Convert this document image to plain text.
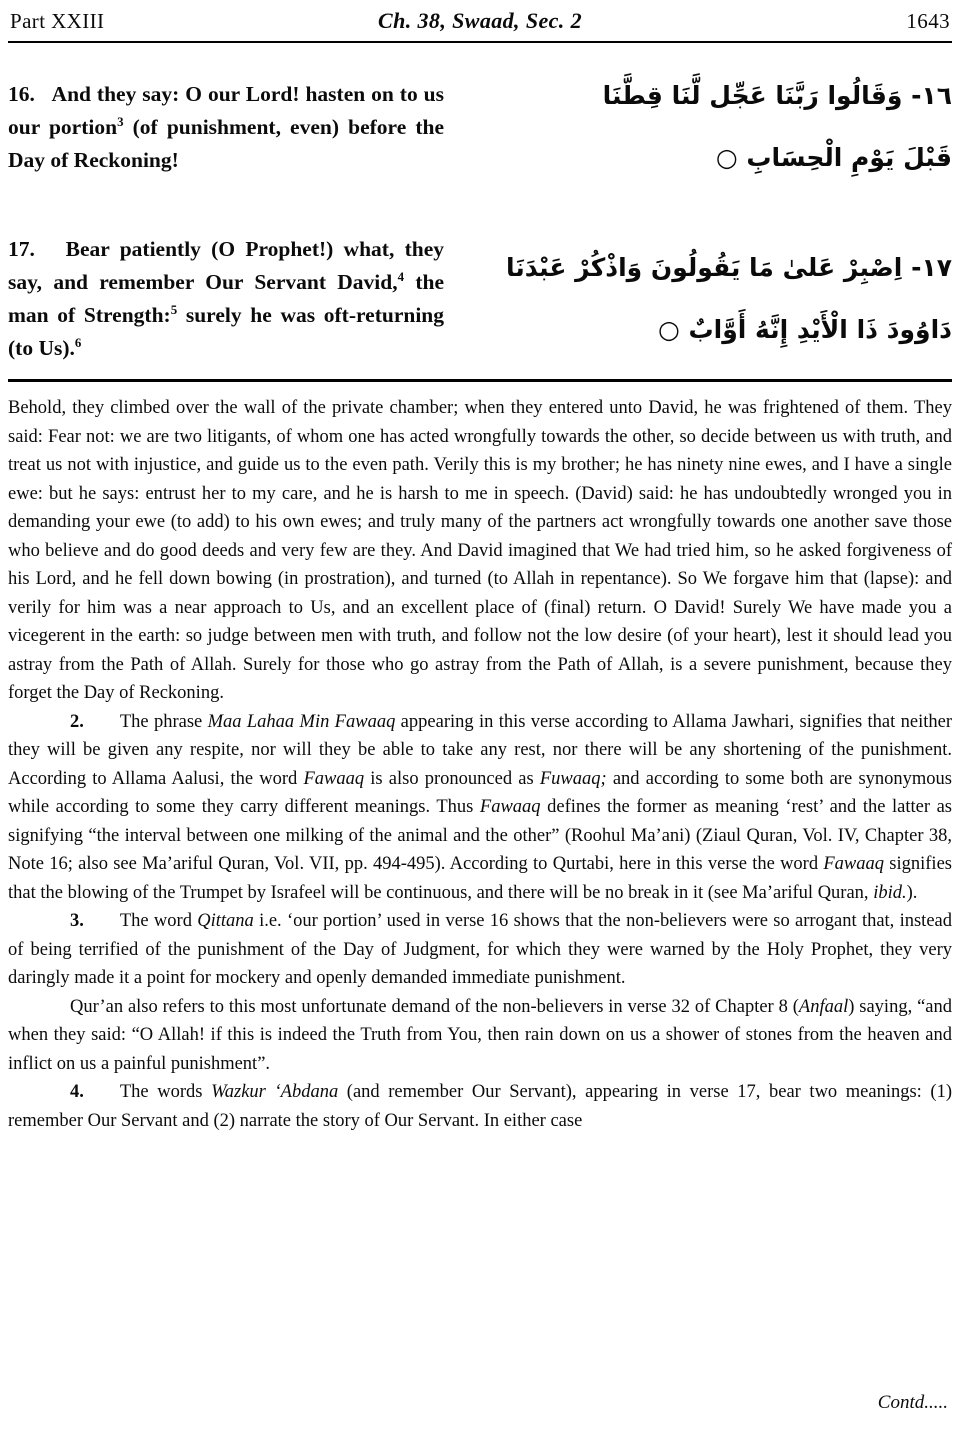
Part XXIII	Ch. 38, Swaad, Sec. 2	1643

16.   And they say: O our Lord! hasten on to us our portion$^3$ (of punishment, even) before the Day of Reckoning!

١٦- وَقَالُوا رَبَّنَا عَجِّل لَّنَا قِطَّنَا
قَبْلَ يَوْمِ الْحِسَابِ ○

17.   Bear patiently (O Prophet!) what, they say, and remember Our Servant David,$^4$ the man of Strength:$^5$ surely he was oft-returning (to Us).$^6$

١٧- اِصْبِرْ عَلىٰ مَا يَقُولُونَ وَاذْكُرْ عَبْدَنَا
دَاوُودَ ذَا الْأَيْدِ إِنَّهُ أَوَّابٌ ○

Behold, they climbed over the wall of the private chamber; when they entered unto David, he was frightened of them. They said: Fear not: we are two litigants, of whom one has acted wrongfully towards the other, so decide between us with truth, and treat us not with injustice, and guide us to the even path. Verily this is my brother; he has ninety nine ewes, and I have a single ewe: but he says: entrust her to my care, and he is harsh to me in speech. (David) said: he has undoubtedly wronged you in demanding your ewe (to add) to his own ewes; and truly many of the partners act wrongfully towards one another save those who believe and do good deeds and very few are they. And David imagined that We had tried him, so he asked forgiveness of his Lord, and he fell down bowing (in prostration), and turned (to Allah in repentance). So We forgave him that (lapse): and verily for him was a near approach to Us, and an excellent place of (final) return. O David! Surely We have made you a vicegerent in the earth: so judge between men with truth, and follow not the low desire (of your heart), lest it should lead you astray from the Path of Allah. Surely for those who go astray from the Path of Allah, is a severe punishment, because they forget the Day of Reckoning.

2. The phrase Maa Lahaa Min Fawaaq appearing in this verse according to Allama Jawhari, signifies that neither they will be given any respite, nor will they be able to take any rest, nor there will be any shortening of the punishment. According to Allama Aalusi, the word Fawaaq is also pronounced as Fuwaaq; and according to some both are synonymous while according to some they carry different meanings. Thus Fawaaq defines the former as meaning ‘rest’ and the latter as signifying “the interval between one milking of the animal and the other” (Roohul Ma’ani) (Ziaul Quran, Vol. IV, Chapter 38, Note 16; also see Ma’ariful Quran, Vol. VII, pp. 494-495). According to Qurtabi, here in this verse the word Fawaaq signifies that the blowing of the Trumpet by Israfeel will be continuous, and there will be no break in it (see Ma’ariful Quran, ibid.).

3. The word Qittana i.e. ‘our portion’ used in verse 16 shows that the non-believers were so arrogant that, instead of being terrified of the punishment of the Day of Judgment, for which they were warned by the Holy Prophet, they very daringly made it a point for mockery and openly demanded immediate punishment.

Qur’an also refers to this most unfortunate demand of the non-believers in verse 32 of Chapter 8 (Anfaal) saying, “and when they said: “O Allah! if this is indeed the Truth from You, then rain down on us a shower of stones from the heaven and inflict on us a painful punishment”.

4. The words Wazkur ‘Abdana (and remember Our Servant), appearing in verse 17, bear two meanings: (1) remember Our Servant and (2) narrate the story of Our Servant. In either case

Contd.....
